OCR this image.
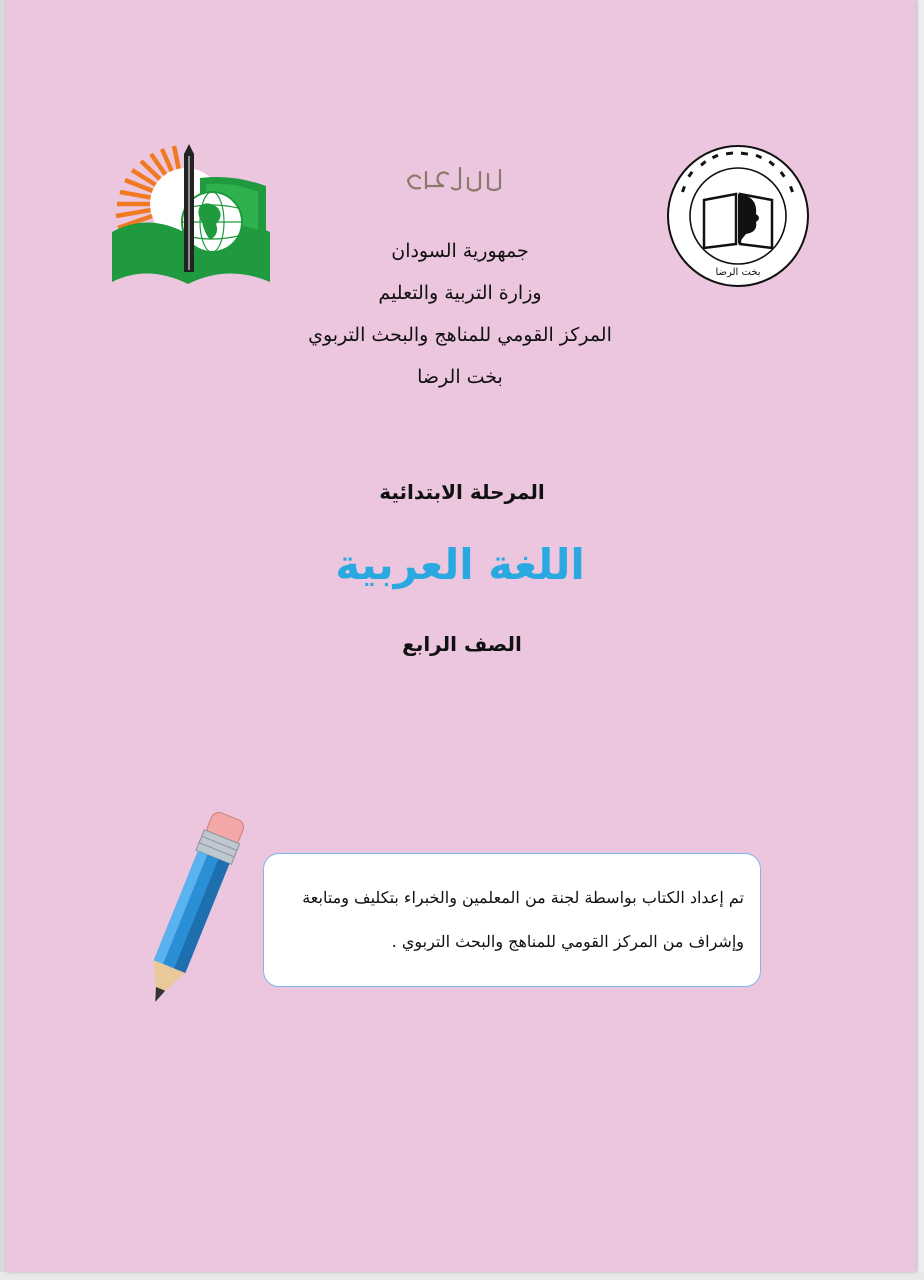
جمهورية السودان
وزارة التربية والتعليم
المركز القومي للمناهج والبحث التربوي
بخت الرضا
بخت الرضا
المرحلة الابتدائية
اللغة العربية
الصف الرابع
تم إعداد الكتاب بواسطة لجنة من المعلمين والخبراء بتكليف ومتابعة
وإشراف من المركز القومي للمناهج والبحث التربوي .
